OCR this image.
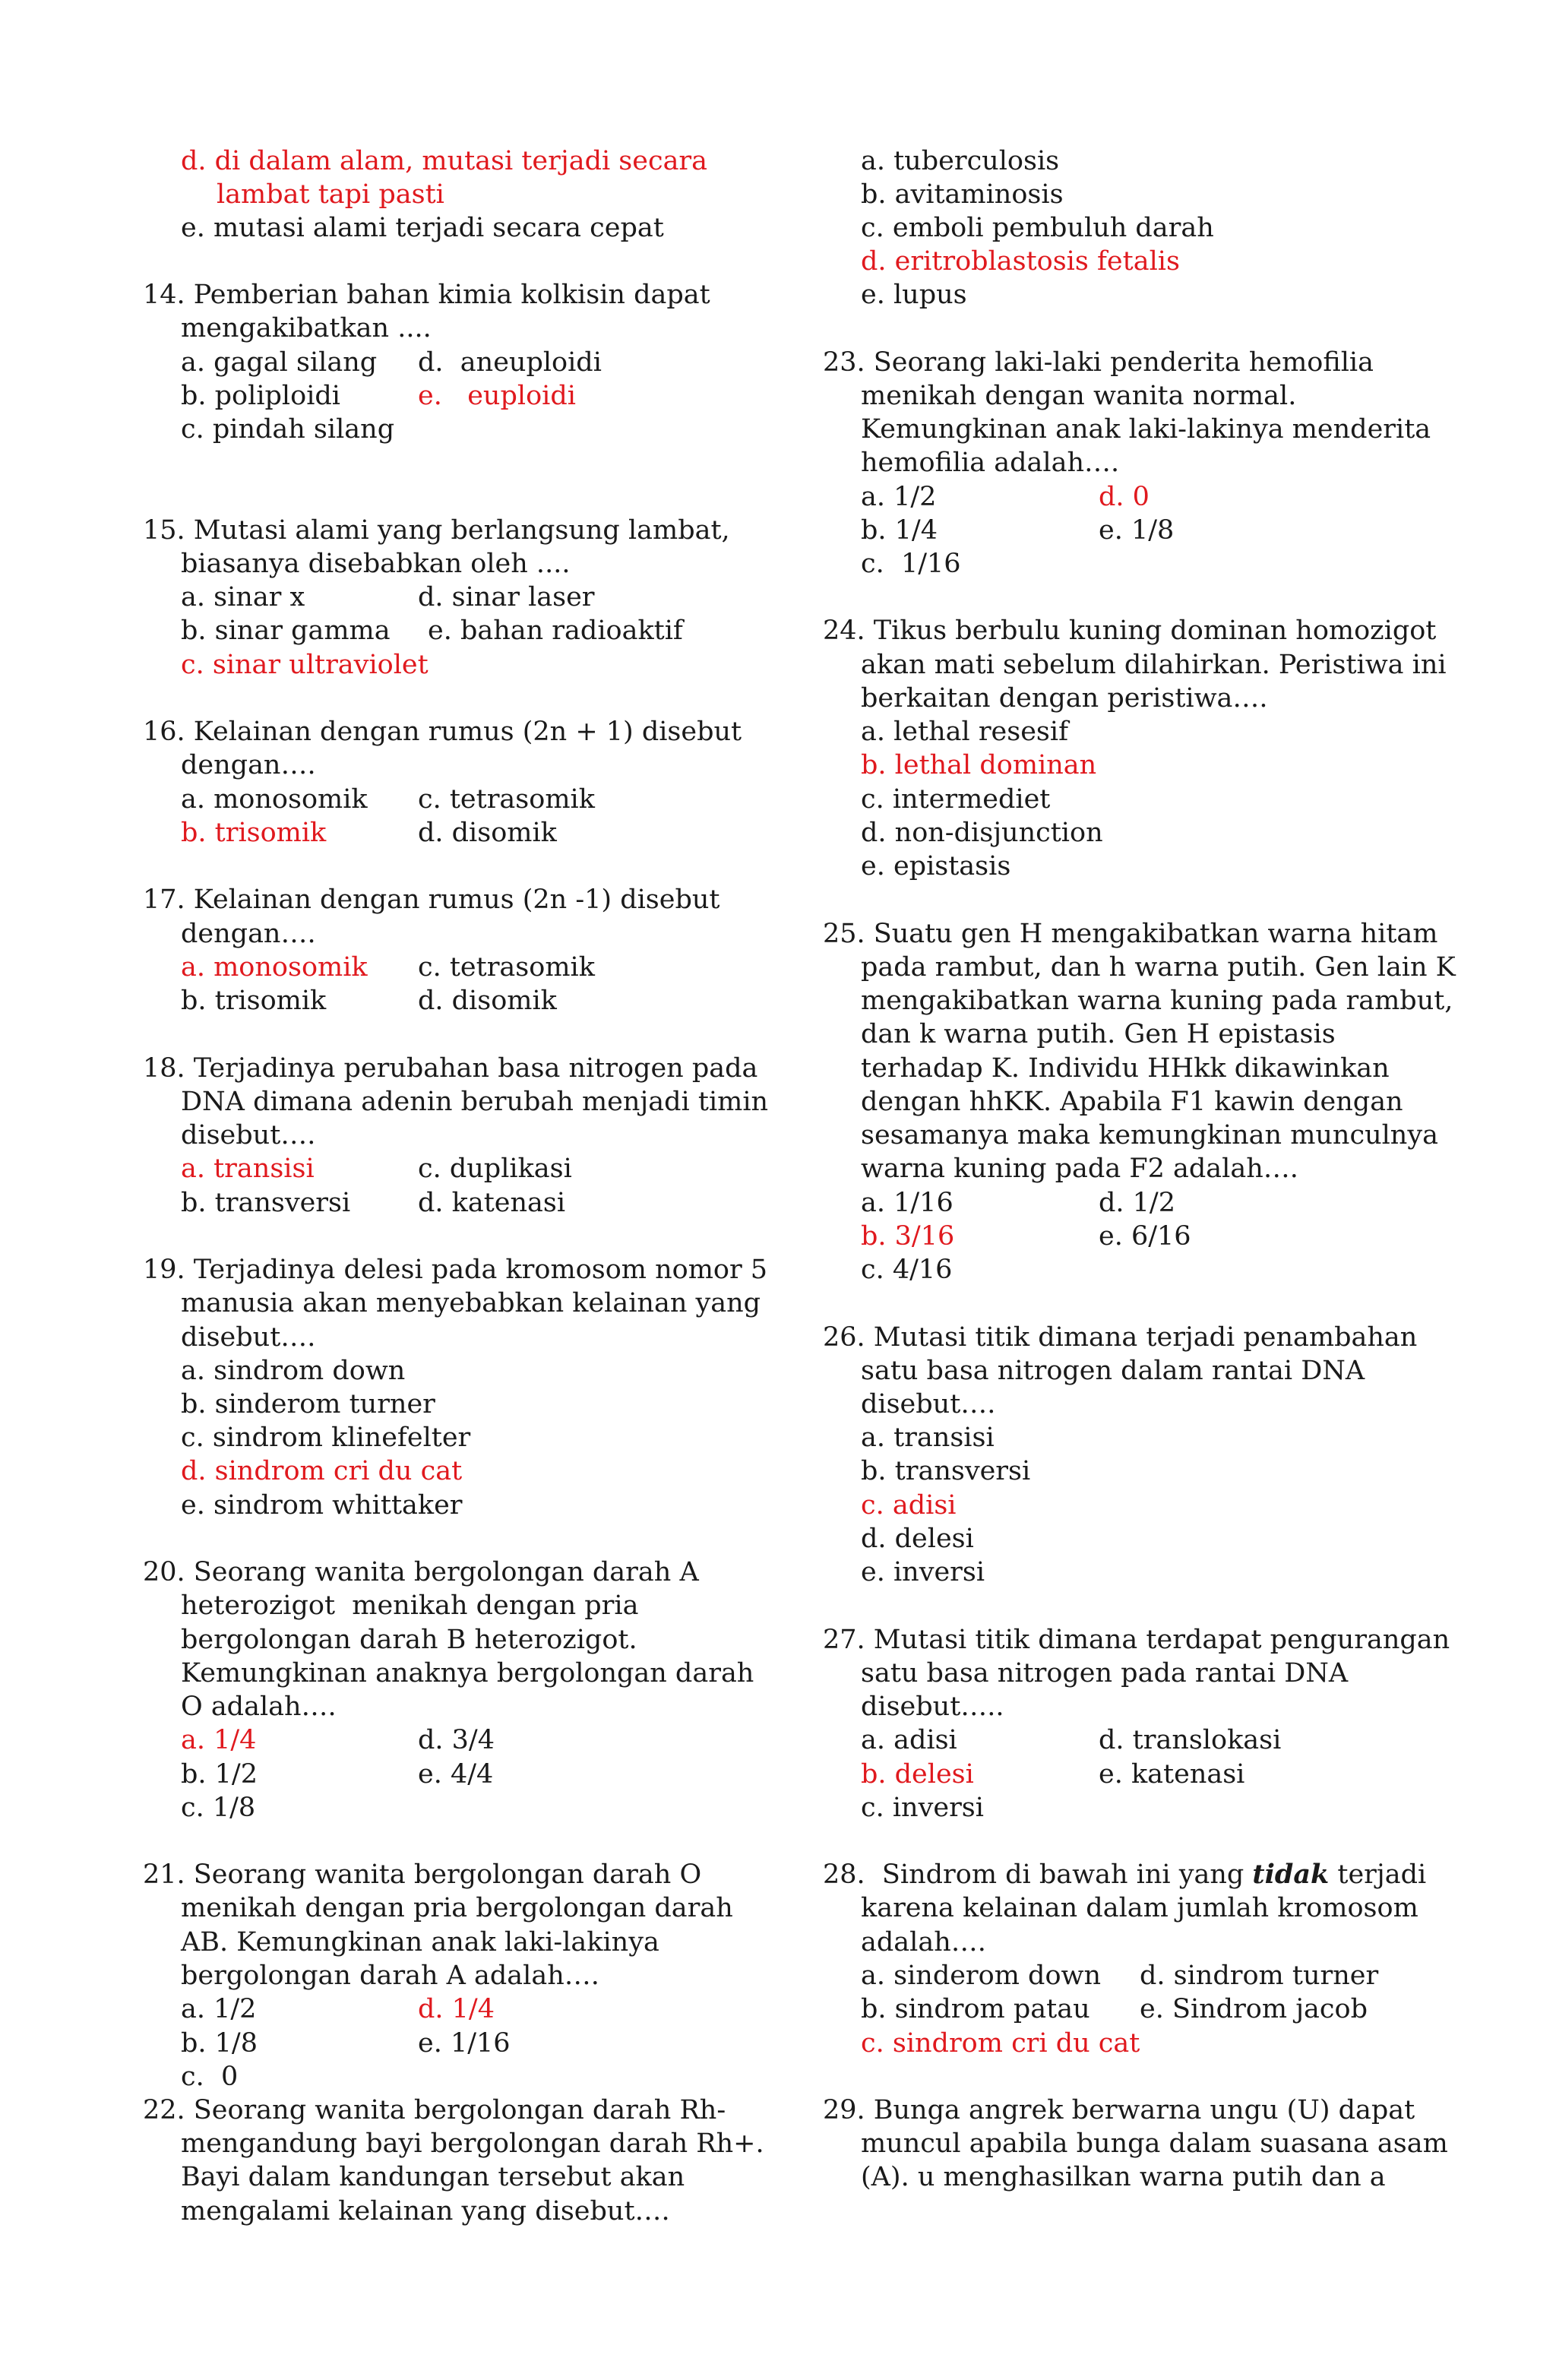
d. di dalam alam, mutasi terjadi secara
lambat tapi pasti
e. mutasi alami terjadi secara cepat
14. Pemberian bahan kimia kolkisin dapat
mengakibatkan ....
a. gagal silang d.  aneuploidi
b. poliploidi	e.   euploidi
c. pindah silang
15. Mutasi alami yang berlangsung lambat,
biasanya disebabkan oleh ....
a. sinar x	d. sinar laser
b. sinar gamma e. bahan radioaktif
c. sinar ultraviolet
16. Kelainan dengan rumus (2n + 1) disebut
dengan….
a. monosomik c. tetrasomik
b. trisomik	d. disomik
17. Kelainan dengan rumus (2n -1) disebut
dengan….
a. monosomik c. tetrasomik
b. trisomik	d. disomik
18. Terjadinya perubahan basa nitrogen pada
DNA dimana adenin berubah menjadi timin
disebut….
a. transisi	c. duplikasi
b. transversi	d. katenasi
19. Terjadinya delesi pada kromosom nomor 5
manusia akan menyebabkan kelainan yang
disebut….
a. sindrom down
b. sinderom turner
c. sindrom klinefelter
d. sindrom cri du cat
e. sindrom whittaker
20. Seorang wanita bergolongan darah A
heterozigot  menikah dengan pria
bergolongan darah B heterozigot.
Kemungkinan anaknya bergolongan darah
O adalah….
a. 1/4	d. 3/4
b. 1/2	e. 4/4
c. 1/8
21. Seorang wanita bergolongan darah O
menikah dengan pria bergolongan darah
AB. Kemungkinan anak laki-lakinya
bergolongan darah A adalah….
a. 1/2	d. 1/4
b. 1/8	e. 1/16
c.  0
22. Seorang wanita bergolongan darah Rh-
mengandung bayi bergolongan darah Rh+.
Bayi dalam kandungan tersebut akan
mengalami kelainan yang disebut….
a. tuberculosis
b. avitaminosis
c. emboli pembuluh darah
d. eritroblastosis fetalis
e. lupus
23. Seorang laki-laki penderita hemofilia
menikah dengan wanita normal.
Kemungkinan anak laki-lakinya menderita
hemofilia adalah….
a. 1/2	d. 0
b. 1/4	e. 1/8
c.  1/16
24. Tikus berbulu kuning dominan homozigot
akan mati sebelum dilahirkan. Peristiwa ini
berkaitan dengan peristiwa….
a. lethal resesif
b. lethal dominan
c. intermediet
d. non-disjunction
e. epistasis
25. Suatu gen H mengakibatkan warna hitam
pada rambut, dan h warna putih. Gen lain K
mengakibatkan warna kuning pada rambut,
dan k warna putih. Gen H epistasis
terhadap K. Individu HHkk dikawinkan
dengan hhKK. Apabila F1 kawin dengan
sesamanya maka kemungkinan munculnya
warna kuning pada F2 adalah….
a. 1/16	d. 1/2
b. 3/16	e. 6/16
c. 4/16
26. Mutasi titik dimana terjadi penambahan
satu basa nitrogen dalam rantai DNA
disebut….
a. transisi
b. transversi
c. adisi
d. delesi
e. inversi
27. Mutasi titik dimana terdapat pengurangan
satu basa nitrogen pada rantai DNA
disebut…..
a. adisi	d. translokasi
b. delesi	e. katenasi
c. inversi
28.  Sindrom di bawah ini yang tidak terjadi
karena kelainan dalam jumlah kromosom
adalah….
a. sinderom down d. sindrom turner
b. sindrom patau e. Sindrom jacob
c. sindrom cri du cat
29. Bunga angrek berwarna ungu (U) dapat
muncul apabila bunga dalam suasana asam
(A). u menghasilkan warna putih dan a
